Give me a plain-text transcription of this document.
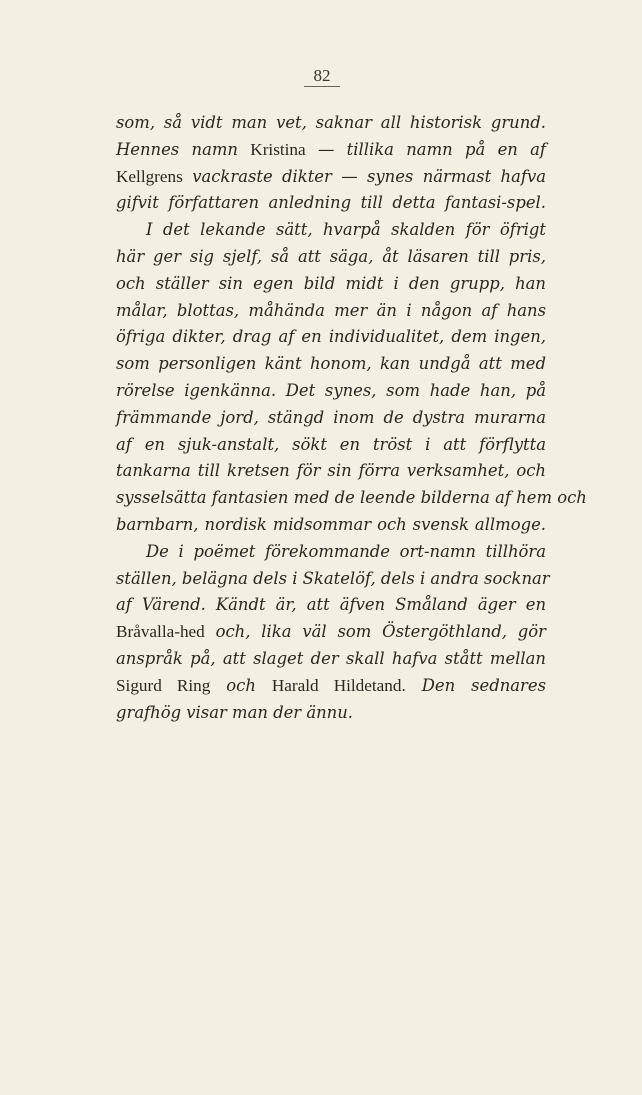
82
som, så vidt man vet, saknar all historisk grund.
Hennes namn Kristina — tillika namn på en af
Kellgrens vackraste dikter — synes närmast hafva
gifvit författaren anledning till detta fantasi-spel.
I det lekande sätt, hvarpå skalden för öfrigt
här ger sig sjelf, så att säga, åt läsaren till pris,
och ställer sin egen bild midt i den grupp, han
målar, blottas, måhända mer än i någon af hans
öfriga dikter, drag af en individualitet, dem ingen,
som personligen känt honom, kan undgå att med
rörelse igenkänna. Det synes, som hade han, på
främmande jord, stängd inom de dystra murarna
af en sjuk-anstalt, sökt en tröst i att förflytta
tankarna till kretsen för sin förra verksamhet, och
sysselsätta fantasien med de leende bilderna af hem och
barnbarn, nordisk midsommar och svensk allmoge.
De i poëmet förekommande ort-namn tillhöra
ställen, belägna dels i Skatelöf, dels i andra socknar
af Värend. Kändt är, att äfven Småland äger en
Bråvalla-hed och, lika väl som Östergöthland, gör
anspråk på, att slaget der skall hafva stått mellan
Sigurd Ring och Harald Hildetand. Den sednares
grafhög visar man der ännu.
